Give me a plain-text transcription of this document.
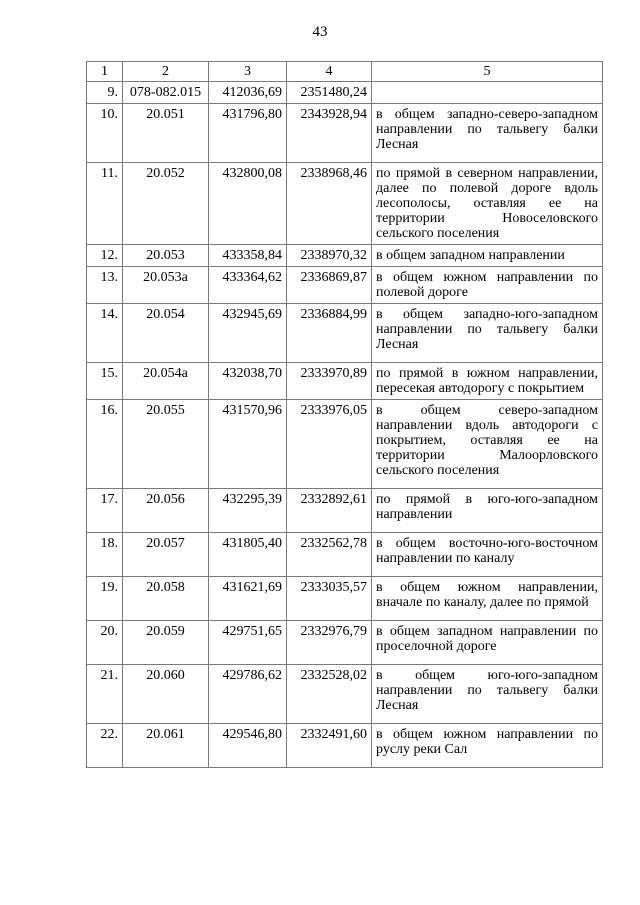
43
1	2	3	4	5
9.	078-082.015	412036,69	2351480,24	
10.	20.051	431796,80	2343928,94	в общем западно-северо-западном направлении по тальвегу балки Лесная
11.	20.052	432800,08	2338968,46	по прямой в северном направлении, далее по полевой дороге вдоль лесополосы, оставляя ее на территории Новоселовского сельского поселения
12.	20.053	433358,84	2338970,32	в общем западном направлении
13.	20.053а	433364,62	2336869,87	в общем южном направлении по полевой дороге
14.	20.054	432945,69	2336884,99	в общем западно-юго-западном направлении по тальвегу балки Лесная
15.	20.054а	432038,70	2333970,89	по прямой в южном направлении, пересекая автодорогу с покрытием
16.	20.055	431570,96	2333976,05	в общем северо-западном направлении вдоль автодороги с покрытием, оставляя ее на территории Малоорловского сельского поселения
17.	20.056	432295,39	2332892,61	по прямой в юго-юго-западном направлении
18.	20.057	431805,40	2332562,78	в общем восточно-юго-восточном направлении по каналу
19.	20.058	431621,69	2333035,57	в общем южном направлении, вначале по каналу, далее по прямой
20.	20.059	429751,65	2332976,79	в общем западном направлении по проселочной дороге
21.	20.060	429786,62	2332528,02	в общем юго-юго-западном направлении по тальвегу балки Лесная
22.	20.061	429546,80	2332491,60	в общем южном направлении по руслу реки Сал
